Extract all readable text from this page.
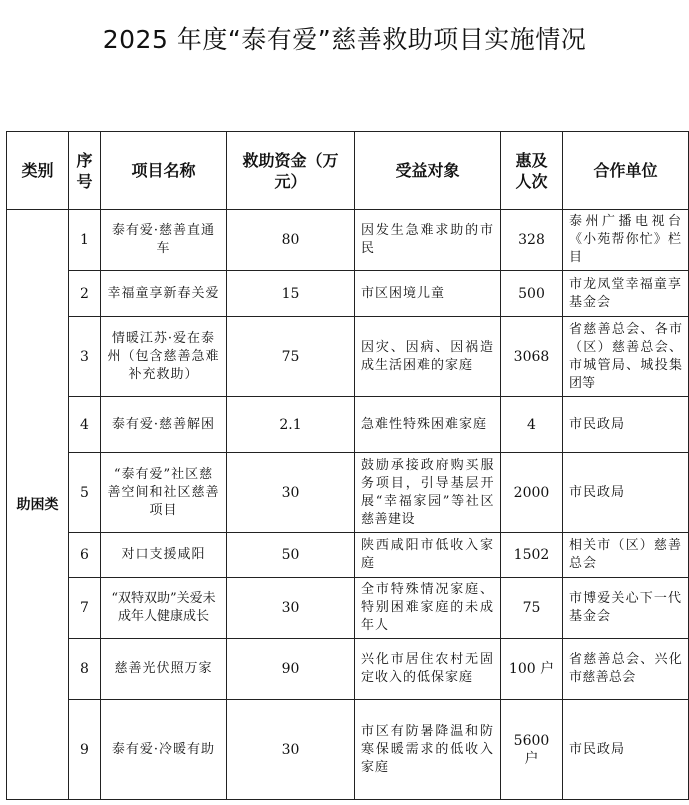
2025 年度“泰有爱”慈善救助项目实施情况
类别	序号	项目名称	救助资金（万元）	受益对象	惠及人次	合作单位
助困类	1	泰有爱·慈善直通车	80	因发生急难求助的市民	328	泰州广播电视台《小苑帮你忙》栏目
	2	幸福童享新春关爱	15	市区困境儿童	500	市龙凤堂幸福童享基金会
	3	情暖江苏·爱在泰州（包含慈善急难补充救助）	75	因灾、因病、因祸造成生活困难的家庭	3068	省慈善总会、各市（区）慈善总会、市城管局、城投集团等
	4	泰有爱·慈善解困	2.1	急难性特殊困难家庭	4	市民政局
	5	“泰有爱”社区慈善空间和社区慈善项目	30	鼓励承接政府购买服务项目，引导基层开展“幸福家园”等社区慈善建设	2000	市民政局
	6	对口支援咸阳	50	陕西咸阳市低收入家庭	1502	相关市（区）慈善总会
	7	“双特双助”关爱未成年人健康成长	30	全市特殊情况家庭、特别困难家庭的未成年人	75	市博爱关心下一代基金会
	8	慈善光伏照万家	90	兴化市居住农村无固定收入的低保家庭	100 户	省慈善总会、兴化市慈善总会
	9	泰有爱·冷暖有助	30	市区有防暑降温和防寒保暖需求的低收入家庭	5600 户	市民政局
